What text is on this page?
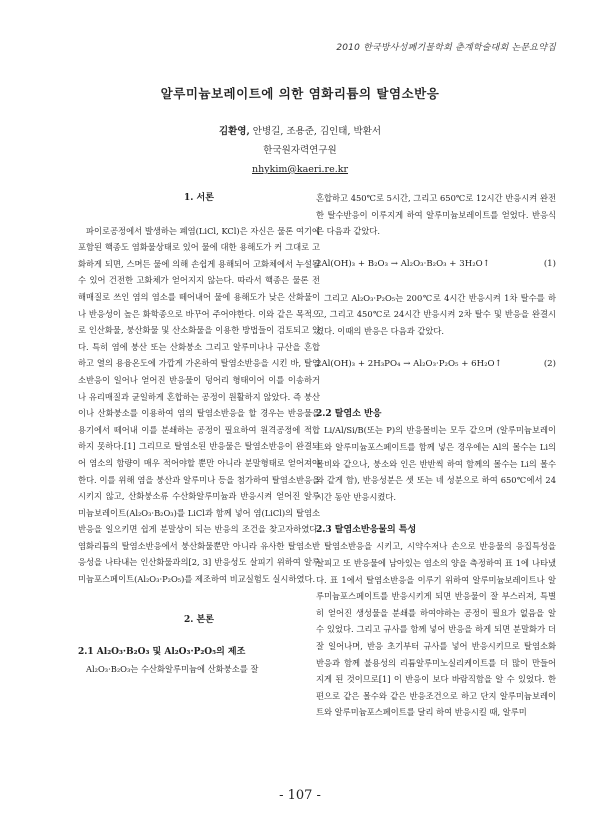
2010 한국방사성폐기물학회 춘계학술대회 논문요약집
알루미늄보레이트에 의한 염화리튬의 탈염소반응
김환영, 안병길, 조용준, 김인태, 박환서
한국원자력연구원
nhykim@kaeri.re.kr
1. 서론

파이로공정에서 발생하는 폐염(LiCl, KCl)은 자신은 물론 여기에 포함된 핵종도 염화물상태로 있어 물에 대한 용해도가 커 그대로 고화하게 되면, 스며든 물에 의해 손쉽게 용해되어 고화체에서 누설될 수 있어 건전한 고화체가 얻어지지 않는다. 따라서 핵종은 물론 전해매질로 쓰인 염의 염소를 떼어내어 물에 용해도가 낮은 산화물이나 반응성이 높은 화학종으로 바꾸어 주어야한다. 이와 같은 목적으로 인산화물, 붕산화물 및 산소화물을 이용한 방법들이 검토되고 있다. 특히 염에 붕산 또는 산화붕소 그리고 알루미나나 규산을 혼합하고 열의 용융온도에 가깝게 가온하여 탈염소반응을 시킨 바, 탈염소반응이 일어나 얻어진 반응물이 덩어리 형태이어 이를 이송하거나 유리매질과 균일하게 혼합하는 공정이 원활하지 않았다. 즉 붕산이나 산화붕소를 이용하여 염의 탈염소반응을 할 경우는 반응물을 용기에서 떼어내 이를 분쇄하는 공정이 필요하여 원격공정에 적합하지 못하다.[1] 그리므로 탈염소된 반응물은 탈염소반응이 완결되어 염소의 함량이 매우 적어야할 뿐만 아니라 분말형태로 얻어져야 한다. 이를 위해 염을 붕산과 알루미나 등을 첨가하여 탈염소반응을 시키지 않고, 산화붕소류 수산화알루미늄과 반응시켜 얻어진 알루미늄보레이트(Al₂O₃·B₂O₃)를 LiCl과 함께 넣어 염(LiCl)의 탈염소반응을 일으키면 쉽게 분말상이 되는 반응의 조건을 찾고자하였다. 염화리튬의 탈염소반응에서 붕산화물뿐만 아니라 유사한 탈염소반응성을 나타내는 인산화물과의[2, 3] 반응성도 살피기 위하여 알루미늄포스페이트(Al₂O₃·P₂O₅)를 제조하여 비교실험도 실시하였다.

2. 본론
2.1 Al₂O₃·B₂O₃ 및 Al₂O₃·P₂O₅의 제조

Al₂O₃·B₂O₃는 수산화알루미늄에 산화붕소를 잘

혼합하고 450℃로 5시간, 그리고 650℃로 12시간 반응시켜 완전한 탈수반응이 이루지게 하여 알루미늄보레이트를 얻었다. 반응식은 다음과 같았다.

2Al(OH)₃ + B₂O₃ → Al₂O₃·B₂O₃ + 3H₂O↑	(1)

그리고 Al₂O₃·P₂O₅는 200℃로 4시간 반응시켜 1차 탈수를 하고, 그리고 450℃로 24시간 반응시켜 2차 탈수 및 반응을 완결시켰다. 이때의 반응은 다음과 같았다.

2Al(OH)₃ + 2H₃PO₄ → Al₂O₃·P₂O₅ + 6H₂O↑	(2)
2.2 탈염소 반응

Li/Al/Si/B(또는 P)의 반응몰비는 모두 같으며 (알루미늄보레이트와 알루미늄포스페이트를 함께 넣은 경우에는 Al의 몰수는 Li의 몰비와 같으나, 붕소와 인은 반반씩 하여 함께의 몰수는 Li의 몰수와 같게 함), 반응성분은 셋 또는 네 성분으로 하여 650℃에서 24시간 동안 반응시켰다.

2.3 탈염소반응물의 특성

탈염소반응을 시키고, 시약수저나 손으로 반응물의 응집특성을 살피고 또 반응물에 남아있는 염소의 양을 측정하여 표 1에 나타냈다. 표 1에서 탈염소반응을 이루기 위하여 알루미늄보레이트나 알루미늄포스페이트를 반응시키게 되면 반응물이 잘 부스러져, 특별히 얻어진 생성물을 분쇄를 하여야하는 공정이 필요가 없음을 알 수 있었다. 그리고 규사를 함께 넣어 반응을 하게 되면 분말화가 더 잘 일어나며, 반응 초기부터 규사를 넣어 반응시키므로 탈염소화 반응과 함께 불용성의 리튬알루미노실리케이트를 더 많이 만들어지게 된 것이므로[1] 이 반응이 보다 바람직함을 알 수 있었다. 한편으로 같은 몰수와 같은 반응조건으로 하고 단지 알루미늄보레이트와 알루미늄포스페이트를 달리 하여 반응시킬 때, 알루미

- 107 -
